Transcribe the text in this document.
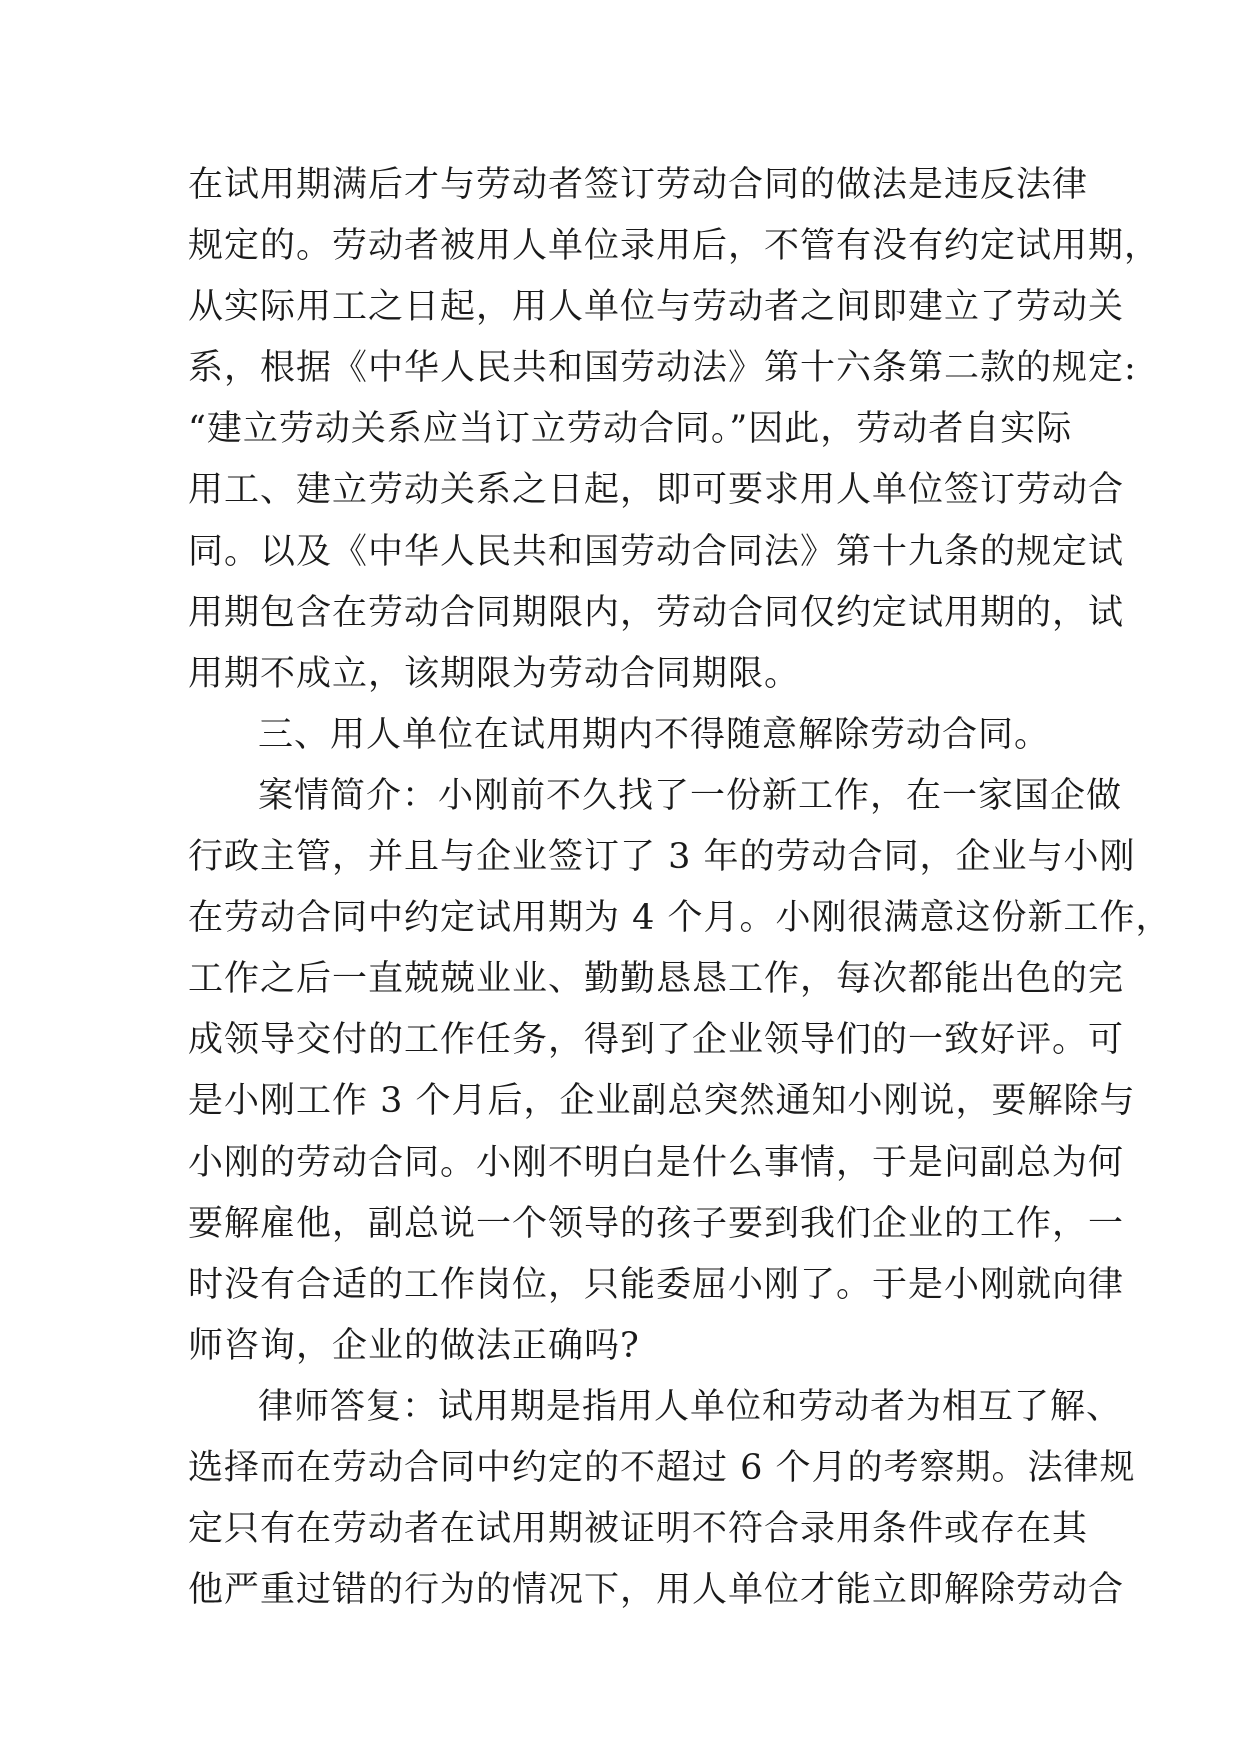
在试用期满后才与劳动者签订劳动合同的做法是违反法律
规定的。劳动者被用人单位录用后，不管有没有约定试用期，
从实际用工之日起，用人单位与劳动者之间即建立了劳动关
系，根据《中华人民共和国劳动法》第十六条第二款的规定:
“建立劳动关系应当订立劳动合同。”因此，劳动者自实际
用工、建立劳动关系之日起，即可要求用人单位签订劳动合
同。以及《中华人民共和国劳动合同法》第十九条的规定试
用期包含在劳动合同期限内，劳动合同仅约定试用期的，试
用期不成立，该期限为劳动合同期限。
三、用人单位在试用期内不得随意解除劳动合同。
案情简介：小刚前不久找了一份新工作，在一家国企做
行政主管，并且与企业签订了 3 年的劳动合同，企业与小刚
在劳动合同中约定试用期为 4 个月。小刚很满意这份新工作，
工作之后一直兢兢业业、勤勤恳恳工作，每次都能出色的完
成领导交付的工作任务，得到了企业领导们的一致好评。可
是小刚工作 3 个月后，企业副总突然通知小刚说，要解除与
小刚的劳动合同。小刚不明白是什么事情，于是问副总为何
要解雇他，副总说一个领导的孩子要到我们企业的工作，一
时没有合适的工作岗位，只能委屈小刚了。于是小刚就向律
师咨询，企业的做法正确吗?
律师答复：试用期是指用人单位和劳动者为相互了解、
选择而在劳动合同中约定的不超过 6 个月的考察期。法律规
定只有在劳动者在试用期被证明不符合录用条件或存在其
他严重过错的行为的情况下，用人单位才能立即解除劳动合
